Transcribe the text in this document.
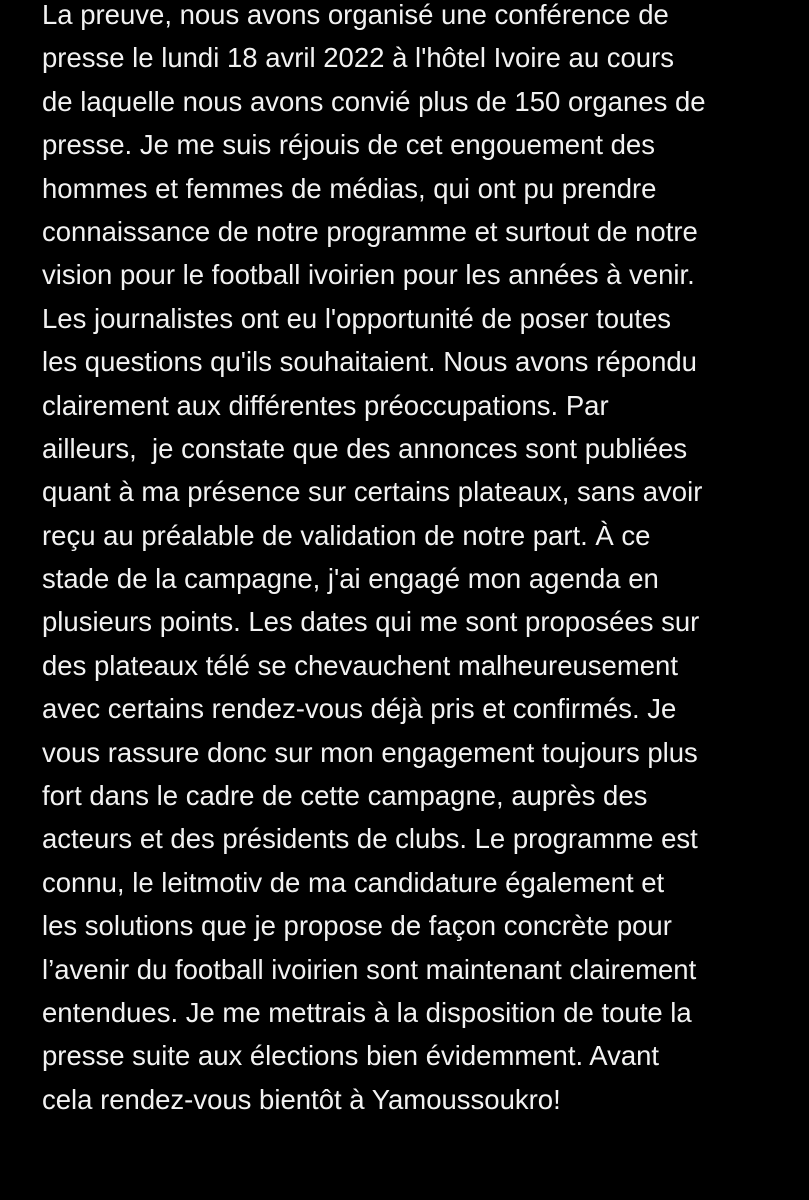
La preuve, nous avons organisé une conférence de
presse le lundi 18 avril 2022 à l'hôtel Ivoire au cours
de laquelle nous avons convié plus de 150 organes de
presse. Je me suis réjouis de cet engouement des
hommes et femmes de médias, qui ont pu prendre
connaissance de notre programme et surtout de notre
vision pour le football ivoirien pour les années à venir.
Les journalistes ont eu l'opportunité de poser toutes
les questions qu'ils souhaitaient. Nous avons répondu
clairement aux différentes préoccupations. Par
ailleurs,  je constate que des annonces sont publiées
quant à ma présence sur certains plateaux, sans avoir
reçu au préalable de validation de notre part. À ce
stade de la campagne, j'ai engagé mon agenda en
plusieurs points. Les dates qui me sont proposées sur
des plateaux télé se chevauchent malheureusement
avec certains rendez-vous déjà pris et confirmés. Je
vous rassure donc sur mon engagement toujours plus
fort dans le cadre de cette campagne, auprès des
acteurs et des présidents de clubs. Le programme est
connu, le leitmotiv de ma candidature également et
les solutions que je propose de façon concrète pour
l’avenir du football ivoirien sont maintenant clairement
entendues. Je me mettrais à la disposition de toute la
presse suite aux élections bien évidemment. Avant
cela rendez-vous bientôt à Yamoussoukro!
